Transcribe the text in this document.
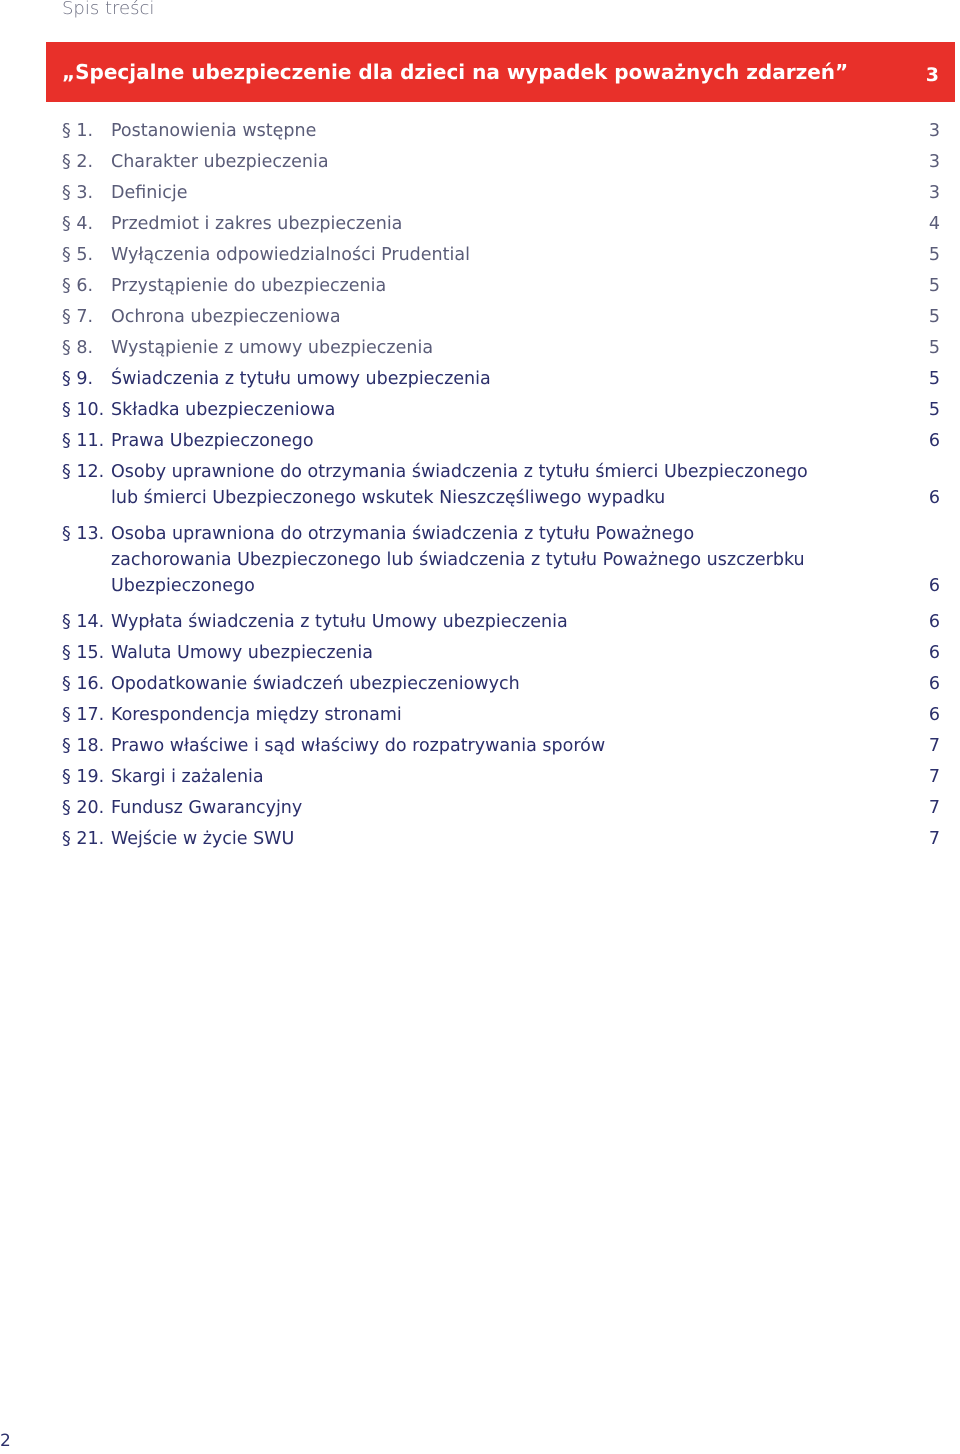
Spis treści
„Specjalne ubezpieczenie dla dzieci na wypadek poważnych zdarzeń”	3
§ 1. Postanowienia wstępne	3
§ 2. Charakter ubezpieczenia	3
§ 3. Definicje	3
§ 4. Przedmiot i zakres ubezpieczenia	4
§ 5. Wyłączenia odpowiedzialności Prudential	5
§ 6. Przystąpienie do ubezpieczenia	5
§ 7. Ochrona ubezpieczeniowa	5
§ 8. Wystąpienie z umowy ubezpieczenia	5
§ 9. Świadczenia z tytułu umowy ubezpieczenia	5
§ 10. Składka ubezpieczeniowa	5
§ 11. Prawa Ubezpieczonego	6
§ 12. Osoby uprawnione do otrzymania świadczenia z tytułu śmierci Ubezpieczonego lub śmierci Ubezpieczonego wskutek Nieszczęśliwego wypadku	6
§ 13. Osoba uprawniona do otrzymania świadczenia z tytułu Poważnego zachorowania Ubezpieczonego lub świadczenia z tytułu Poważnego uszczerbku Ubezpieczonego	6
§ 14. Wypłata świadczenia z tytułu Umowy ubezpieczenia	6
§ 15. Waluta Umowy ubezpieczenia	6
§ 16. Opodatkowanie świadczeń ubezpieczeniowych	6
§ 17. Korespondencja między stronami	6
§ 18. Prawo właściwe i sąd właściwy do rozpatrywania sporów	7
§ 19. Skargi i zażalenia	7
§ 20. Fundusz Gwarancyjny	7
§ 21. Wejście w życie SWU	7
2
